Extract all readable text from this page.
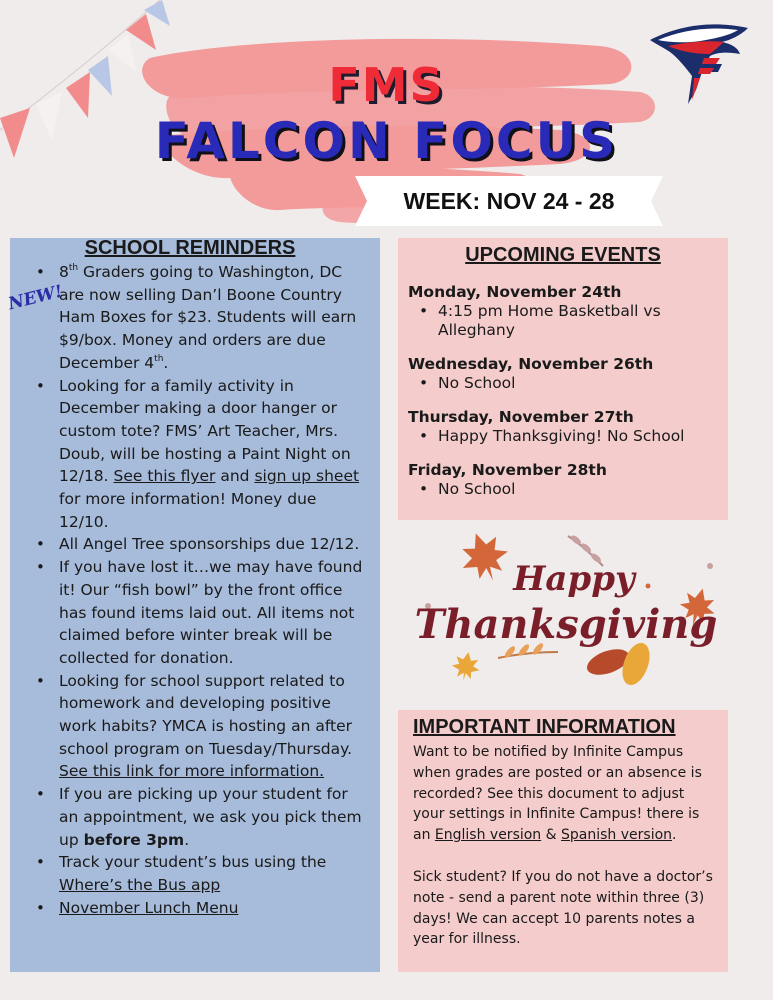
FMS
FALCON FOCUS
WEEK: NOV 24 - 28
SCHOOL REMINDERS
• 8th Graders going to Washington, DC are now selling Dan’l Boone Country Ham Boxes for $23. Students will earn $9/box. Money and orders are due December 4th.
• Looking for a family activity in December making a door hanger or custom tote? FMS’ Art Teacher, Mrs. Doub, will be hosting a Paint Night on 12/18. See this flyer and sign up sheet for more information! Money due 12/10.
• All Angel Tree sponsorships due 12/12.
• If you have lost it…we may have found it! Our “fish bowl” by the front office has found items laid out. All items not claimed before winter break will be collected for donation.
• Looking for school support related to homework and developing positive work habits? YMCA is hosting an after school program on Tuesday/Thursday. See this link for more information.
• If you are picking up your student for an appointment, we ask you pick them up before 3pm.
• Track your student’s bus using the Where’s the Bus app
• November Lunch Menu
NEW!
UPCOMING EVENTS
Monday, November 24th
• 4:15 pm Home Basketball vs Alleghany
Wednesday, November 26th
• No School
Thursday, November 27th
• Happy Thanksgiving! No School
Friday, November 28th
• No School
Happy
Thanksgiving
IMPORTANT INFORMATION

Want to be notified by Infinite Campus when grades are posted or an absence is recorded? See this document to adjust your settings in Infinite Campus! there is an English version & Spanish version.

Sick student? If you do not have a doctor’s note - send a parent note within three (3) days! We can accept 10 parents notes a year for illness.
